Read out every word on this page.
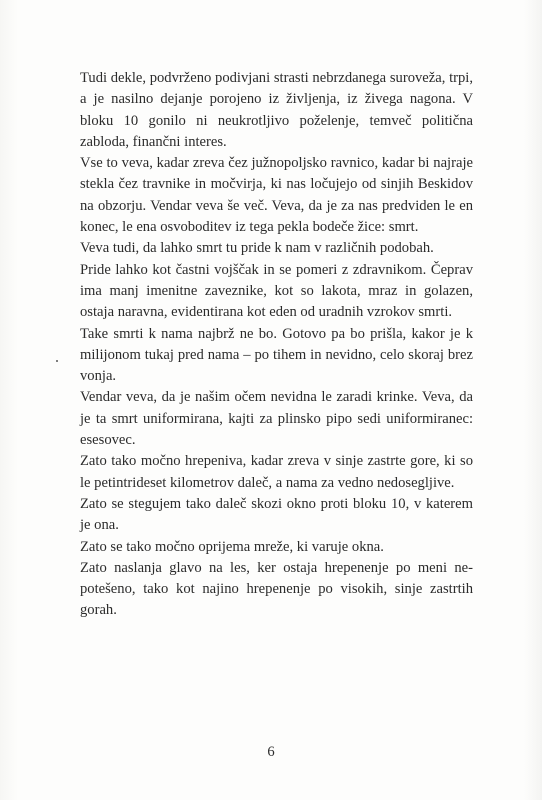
Tudi dekle, podvrženo podivjani strasti nebrzdanega suroveža, trpi, a je nasilno dejanje porojeno iz življenja, iz živega nagona. V bloku 10 gonilo ni neukrotljivo poželenje, temveč politična zabloda, finančni interes.

Vse to veva, kadar zreva čez južnopoljsko ravnico, kadar bi najraje stekla čez travnike in močvirja, ki nas ločujejo od sinjih Beskidov na obzorju. Vendar veva še več. Veva, da je za nas predviden le en konec, le ena osvoboditev iz tega pekla bodeče žice: smrt.

Veva tudi, da lahko smrt tu pride k nam v različnih podobah.

Pride lahko kot častni vojščak in se pomeri z zdravnikom. Čeprav ima manj imenitne zaveznike, kot so lakota, mraz in golazen, ostaja naravna, evidentirana kot eden od uradnih vzrokov smrti.

Take smrti k nama najbrž ne bo. Gotovo pa bo prišla, kakor je k milijonom tukaj pred nama – po tihem in nevidno, celo skoraj brez vonja.

Vendar veva, da je našim očem nevidna le zaradi krinke. Veva, da je ta smrt uniformirana, kajti za plinsko pipo sedi uniformiranec: esesovec.

Zato tako močno hrepeniva, kadar zreva v sinje zastrte gore, ki so le petintrideset kilometrov daleč, a nama za vedno nedosegljive.

Zato se stegujem tako daleč skozi okno proti bloku 10, v katerem je ona.

Zato se tako močno oprijema mreže, ki varuje okna.

Zato naslanja glavo na les, ker ostaja hrepenenje po meni nepotešeno, tako kot najino hrepenenje po visokih, sinje zastrtih gorah.

6
